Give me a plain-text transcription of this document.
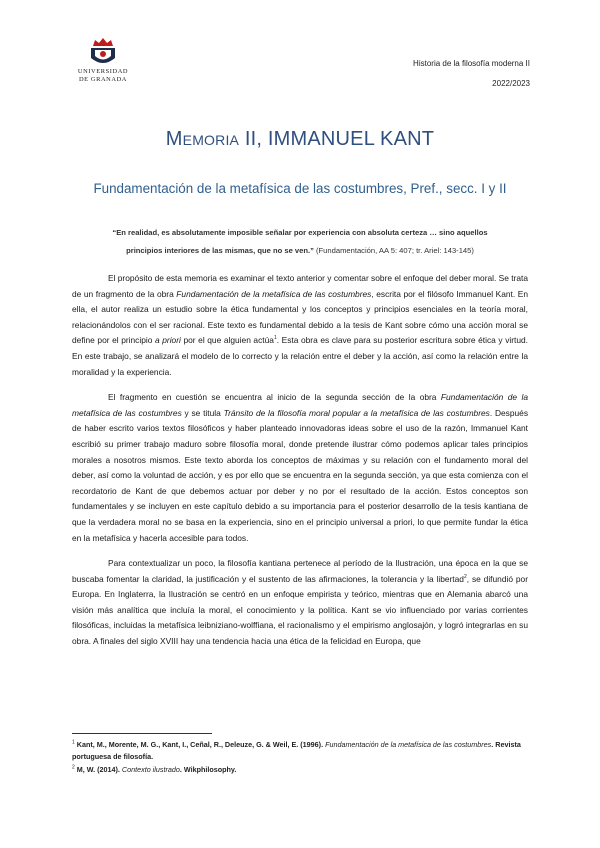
UNIVERSIDAD
DE GRANADA
Historia de la filosofía moderna II
2022/2023
Memoria II, IMMANUEL KANT
Fundamentación de la metafísica de las costumbres, Pref., secc. I y II
“En realidad, es absolutamente imposible señalar por experiencia con absoluta certeza … sino aquellos principios interiores de las mismas, que no se ven.” (Fundamentación, AA 5: 407; tr. Ariel: 143-145)

El propósito de esta memoria es examinar el texto anterior y comentar sobre el enfoque del deber moral. Se trata de un fragmento de la obra Fundamentación de la metafísica de las costumbres, escrita por el filósofo Immanuel Kant. En ella, el autor realiza un estudio sobre la ética fundamental y los conceptos y principios esenciales en la teoría moral, relacionándolos con el ser racional. Este texto es fundamental debido a la tesis de Kant sobre cómo una acción moral se define por el principio a priori por el que alguien actúa$^1$. Esta obra es clave para su posterior escritura sobre ética y virtud. En este trabajo, se analizará el modelo de lo correcto y la relación entre el deber y la acción, así como la relación entre la moralidad y la experiencia.

El fragmento en cuestión se encuentra al inicio de la segunda sección de la obra Fundamentación de la metafísica de las costumbres y se titula Tránsito de la filosofía moral popular a la metafísica de las costumbres. Después de haber escrito varios textos filosóficos y haber planteado innovadoras ideas sobre el uso de la razón, Immanuel Kant escribió su primer trabajo maduro sobre filosofía moral, donde pretende ilustrar cómo podemos aplicar tales principios morales a nosotros mismos. Este texto aborda los conceptos de máximas y su relación con el fundamento moral del deber, así como la voluntad de acción, y es por ello que se encuentra en la segunda sección, ya que esta comienza con el recordatorio de Kant de que debemos actuar por deber y no por el resultado de la acción. Estos conceptos son fundamentales y se incluyen en este capítulo debido a su importancia para el posterior desarrollo de la tesis kantiana de que la verdadera moral no se basa en la experiencia, sino en el principio universal a priori, lo que permite fundar la ética en la metafísica y hacerla accesible para todos.

Para contextualizar un poco, la filosofía kantiana pertenece al período de la Ilustración, una época en la que se buscaba fomentar la claridad, la justificación y el sustento de las afirmaciones, la tolerancia y la libertad$^2$, se difundió por Europa. En Inglaterra, la Ilustración se centró en un enfoque empirista y teórico, mientras que en Alemania abarcó una visión más analítica que incluía la moral, el conocimiento y la política. Kant se vio influenciado por varias corrientes filosóficas, incluidas la metafísica leibniziano-wolffiana, el racionalismo y el empirismo anglosajón, y logró integrarlas en su obra. A finales del siglo XVIII hay una tendencia hacia una ética de la felicidad en Europa, que

$^1$ Kant, M., Morente, M. G., Kant, I., Ceñal, R., Deleuze, G. & Weil, E. (1996). Fundamentación de la metafísica de las costumbres. Revista portuguesa de filosofía.
$^2$ M, W. (2014). Contexto ilustrado. Wikphilosophy.
